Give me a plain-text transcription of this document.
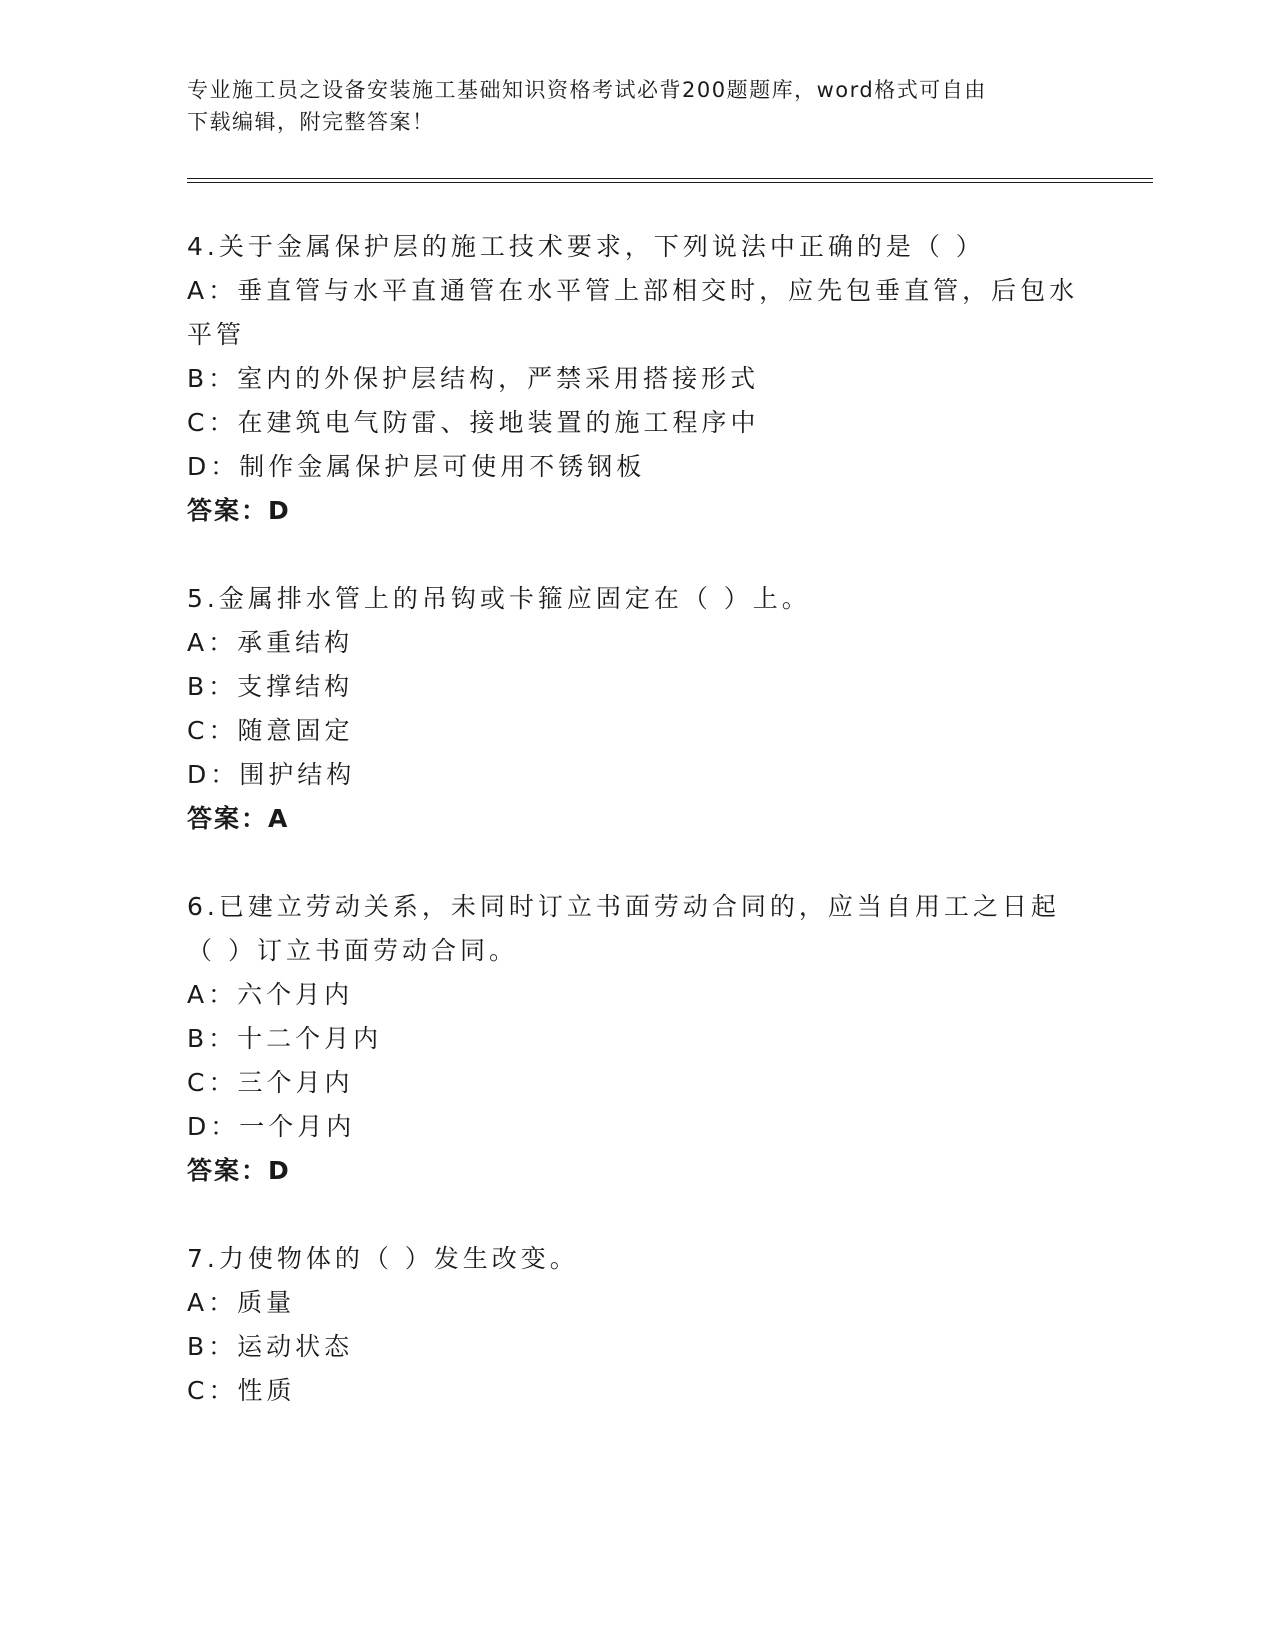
专业施工员之设备安装施工基础知识资格考试必背200题题库，word格式可自由
下载编辑，附完整答案！
4.关于金属保护层的施工技术要求，下列说法中正确的是（ ）
A：垂直管与水平直通管在水平管上部相交时，应先包垂直管，后包水
平管
B：室内的外保护层结构，严禁采用搭接形式
C：在建筑电气防雷、接地装置的施工程序中
D：制作金属保护层可使用不锈钢板
答案：D
5.金属排水管上的吊钩或卡箍应固定在（ ）上。
A：承重结构
B：支撑结构
C：随意固定
D：围护结构
答案：A
6.已建立劳动关系，未同时订立书面劳动合同的，应当自用工之日起
（ ）订立书面劳动合同。
A：六个月内
B：十二个月内
C：三个月内
D：一个月内
答案：D
7.力使物体的（ ）发生改变。
A：质量
B：运动状态
C：性质
